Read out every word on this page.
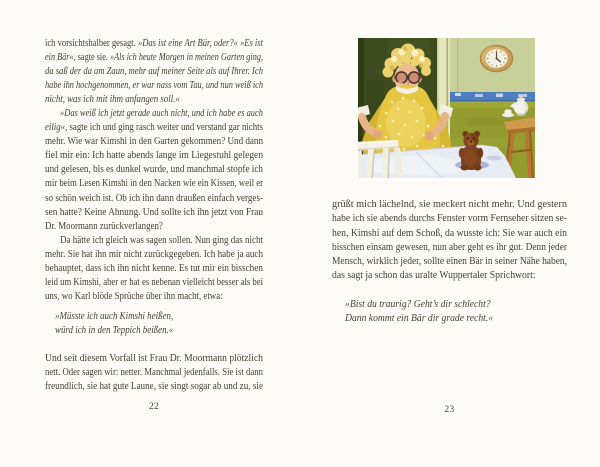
ich vorsichtshalber gesagt. »Das ist eine Art Bär, oder?« »Es ist
ein Bär«, sagte sie. »Als ich heute Morgen in meinen Garten ging,
da saß der da am Zaun, mehr auf meiner Seite als auf Ihrer. Ich
habe ihn hochgenommen, er war nass vom Tau, und nun weiß ich
nicht, was ich mit ihm anfangen soll.«
»Das weiß ich jetzt gerade auch nicht, und ich habe es auch
eilig«, sagte ich und ging rasch weiter und verstand gar nichts
mehr. Wie war Kimshi in den Garten gekommen? Und dann
fiel mir ein: Ich hatte abends lange im Liegestuhl gelegen
und gelesen, bis es dunkel wurde, und manchmal stopfe ich
mir beim Lesen Kimshi in den Nacken wie ein Kissen, weil er
so schön weich ist. Ob ich ihn dann draußen einfach verges-
sen hatte? Keine Ahnung. Und sollte ich ihn jetzt von Frau
Dr. Moormann zurückverlangen?
Da hätte ich gleich was sagen sollen. Nun ging das nicht
mehr. Sie hat ihn mir nicht zurückgegeben. Ich habe ja auch
behauptet, dass ich ihn nicht kenne. Es tut mir ein bisschen
leid um Kimshi, aber er hat es nebenan vielleicht besser als bei
uns, wo Karl blöde Sprüche über ihn macht, etwa:
»Müsste ich auch Kimshi heißen,
würd ich in den Teppich beißen.«
Und seit diesem Vorfall ist Frau Dr. Moormann plötzlich
nett. Oder sagen wir: netter. Manchmal jedenfalls. Sie ist dann
freundlich, sie hat gute Laune, sie singt sogar ab und zu, sie
22
grüßt mich lächelnd, sie meckert nicht mehr. Und gestern
habe ich sie abends durchs Fenster vorm Fernseher sitzen se-
hen, Kimshi auf dem Schoß, da wusste ich: Sie war auch ein
bisschen einsam gewesen, nun aber geht es ihr gut. Denn jeder
Mensch, wirklich jeder, sollte einen Bär in seiner Nähe haben,
das sagt ja schon das uralte Wuppertaler Sprichwort:
»Bist du traurig? Geht’s dir schlecht?
Dann kommt ein Bär dir grade recht.«
23
